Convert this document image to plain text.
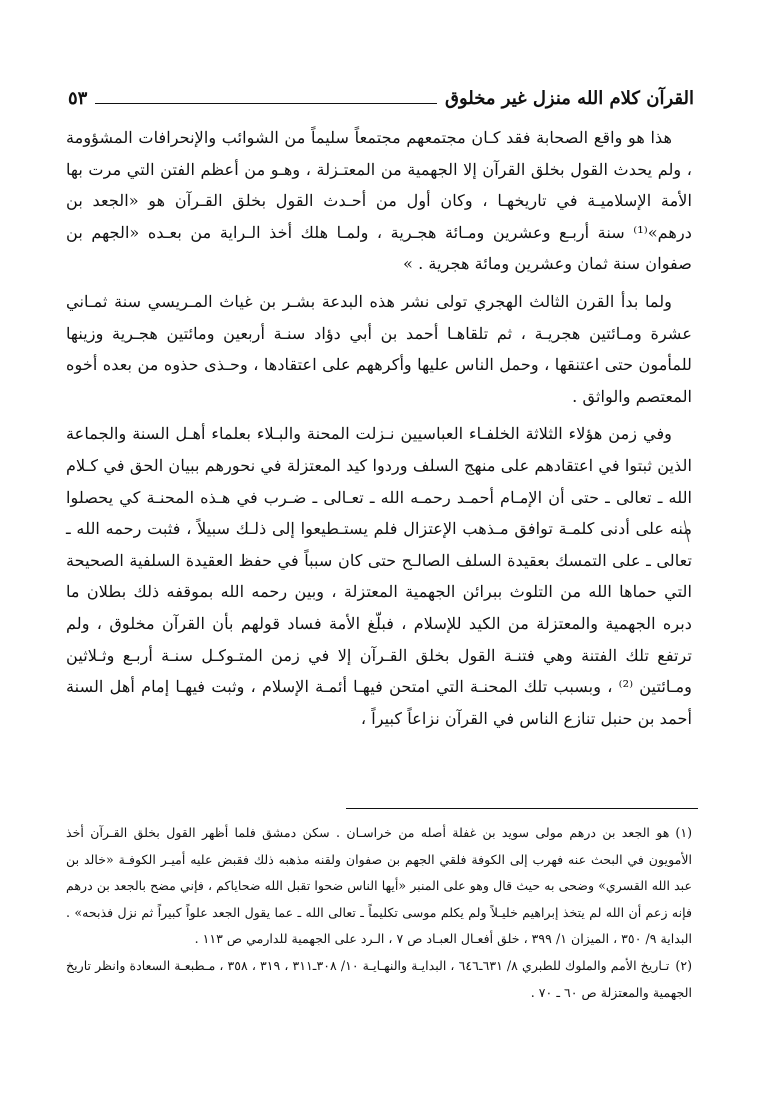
القرآن كلام الله منزل غير مخلوق
٥٣

هذا هو واقع الصحابة فقد كـان مجتمعهم مجتمعاً سليماً من الشوائب والإنحرافات المشؤومة ، ولم يحدث القول بخلق القرآن إلا الجهمية من المعتـزلة ، وهـو من أعظم الفتن التي مرت بها الأمة الإسلاميـة في تاريخهـا ، وكان أول من أحـدث القول بخلق القـرآن هو «الجعد بن درهم»⁽¹⁾ سنة أربـع وعشرين ومـائة هجـرية ، ولمـا هلك أخذ الـراية من بعـده «الجهم بن صفوان سنة ثمان وعشرين ومائة هجرية . »

ولما بدأ القرن الثالث الهجري تولى نشر هذه البدعة بشـر بن غياث المـريسي سنة ثمـاني عشرة ومـائتين هجريـة ، ثم تلقاهـا أحمد بن أبي دؤاد سنـة أربعين ومائتين هجـرية وزينها للمأمون حتى اعتنقها ، وحمل الناس عليها وأكرههم على اعتقادها ، وحـذى حذوه من بعده أخوه المعتصم والواثق .

وفي زمن هؤلاء الثلاثة الخلفـاء العباسيين نـزلت المحنة والبـلاء بعلماء أهـل السنة والجماعة الذين ثبتوا في اعتقادهم على منهج السلف وردوا كيد المعتزلة في نحورهم ببيان الحق في كـلام الله ـ تعالى ـ حتى أن الإمـام أحمـد رحمـه الله ـ تعـالى ـ ضـرب في هـذه المحنـة كي يحصلوا منه على أدنى كلمـة توافق مـذهب الإعتزال فلم يستـطيعوا إلى ذلـك سبيلاً ، فثبت رحمه الله ـ تعالى ـ على التمسك بعقيدة السلف الصالـح حتى كان سبباً في حفظ العقيدة السلفية الصحيحة التي حماها الله من التلوث ببرائن الجهمية المعتزلة ، وبين رحمه الله بموقفه ذلك بطلان ما دبره الجهمية والمعتزلة من الكيد للإسلام ، فبلّغ الأمة فساد قولهم بأن القرآن مخلوق ، ولم ترتفع تلك الفتنة وهي فتنـة القول بخلق القـرآن إلا في زمن المتـوكـل سنـة أربـع وثـلاثين ومـائتين ⁽²⁾ ، وبسبب تلك المحنـة التي امتحن فيهـا أئمـة الإسلام ، وثبت فيهـا إمام أهل السنة أحمد بن حنبل تنازع الناس في القرآن نزاعاً كبيراً ،

(١)هو الجعد بن درهم مولى سويد بن غفلة أصله من خراسـان . سكن دمشق فلما أظهر القول بخلق القـرآن أخذ الأمويون في البحث عنه فهرب إلى الكوفة فلقي الجهم بن صفوان ولقنه مذهبه ذلك فقبض عليه أميـر الكوفـة «خالد بن عبد الله القسري» وضحى به حيث قال وهو على المنبر «أيها الناس ضحوا تقبل الله ضحاياكم ، فإني مضح بالجعد بن درهم فإنه زعم أن الله لم يتخذ إبراهيم خليـلاً ولم يكلم موسى تكليماً ـ تعالى الله ـ عما يقول الجعد علواً كبيراً ثم نزل فذبحه» . البداية ٩/ ٣٥٠ ، الميزان ١/ ٣٩٩ ، خلق أفعـال العبـاد ص ٧ ، الـرد على الجهمية للدارمي ص ١١٣ .

(٢)تـاريخ الأمم والملوك للطبري ٨/ ٦٣١ـ٦٤٦ ، البدايـة والنهـايـة ١٠/ ٣٠٨ـ٣١١ ، ٣١٩ ، ٣٥٨ ، مـطبعـة السعادة وانظر تاريخ الجهمية والمعتزلة ص ٦٠ ـ ٧٠ .
